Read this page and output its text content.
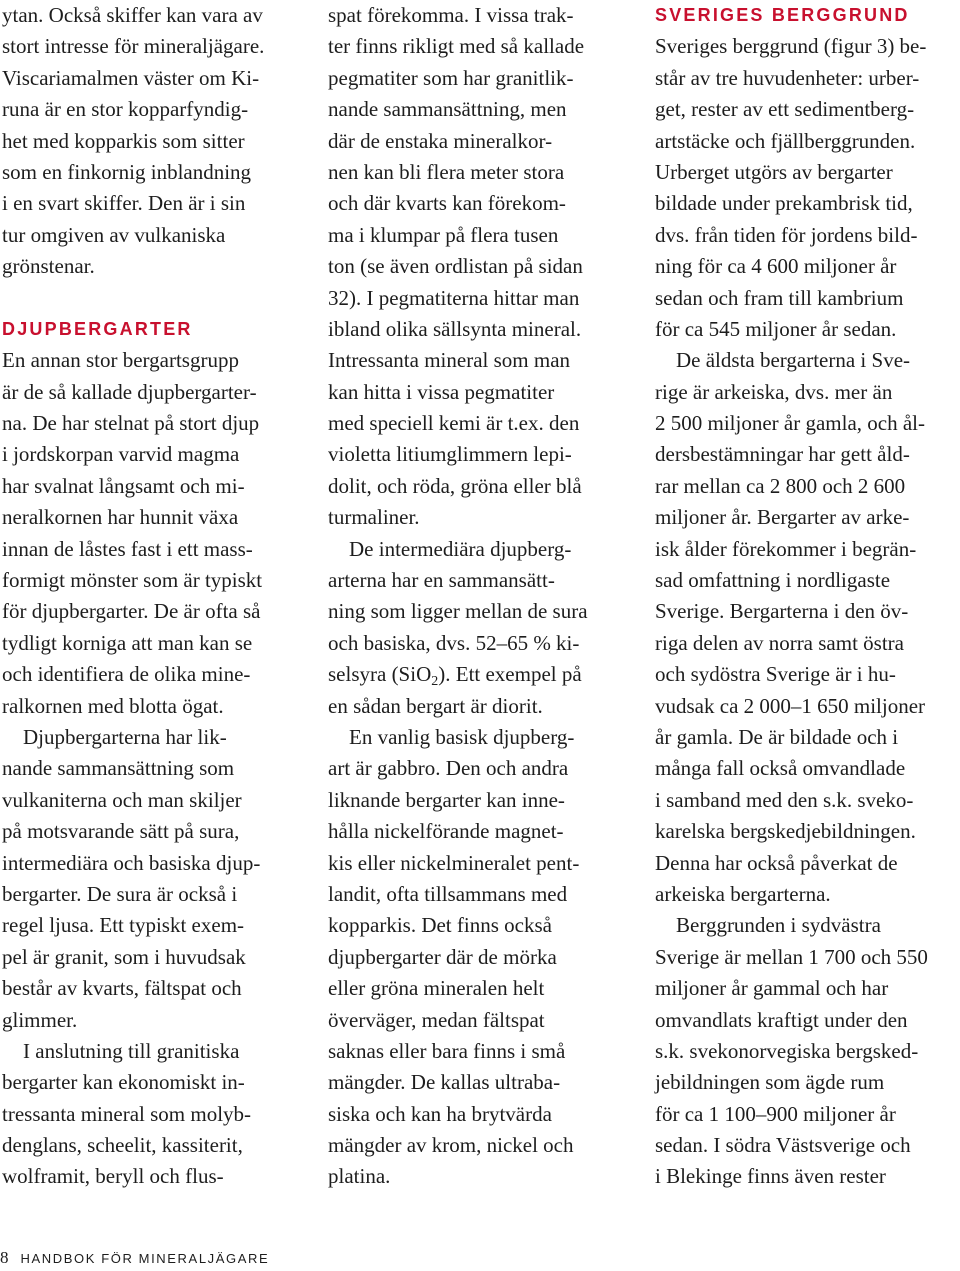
ytan. Också skiffer kan vara av
stort intresse för mineraljägare.
Viscariamalmen väster om Ki-
runa är en stor kopparfyndig-
het med kopparkis som sitter
som en finkornig inblandning
i en svart skiffer. Den är i sin
tur omgiven av vulkaniska
grönstenar.
DJUPBERGARTER
En annan stor bergartsgrupp
är de så kallade djupbergarter-
na. De har stelnat på stort djup
i jordskorpan varvid magma
har svalnat långsamt och mi-
neralkornen har hunnit växa
innan de låstes fast i ett mass-
formigt mönster som är typiskt
för djupbergarter. De är ofta så
tydligt korniga att man kan se
och identifiera de olika mine-
ralkornen med blotta ögat.
Djupbergarterna har lik-
nande sammansättning som
vulkaniterna och man skiljer
på motsvarande sätt på sura,
intermediära och basiska djup-
bergarter. De sura är också i
regel ljusa. Ett typiskt exem-
pel är granit, som i huvudsak
består av kvarts, fältspat och
glimmer.
I anslutning till granitiska
bergarter kan ekonomiskt in-
tressanta mineral som molyb-
denglans, scheelit, kassiterit,
wolframit, beryll och flus-
spat förekomma. I vissa trak-
ter finns rikligt med så kallade
pegmatiter som har granitlik-
nande sammansättning, men
där de enstaka mineralkor-
nen kan bli flera meter stora
och där kvarts kan förekom-
ma i klumpar på flera tusen
ton (se även ordlistan på sidan
32). I pegmatiterna hittar man
ibland olika sällsynta mineral.
Intressanta mineral som man
kan hitta i vissa pegmatiter
med speciell kemi är t.ex. den
violetta litiumglimmern lepi-
dolit, och röda, gröna eller blå
turmaliner.
De intermediära djupberg-
arterna har en sammansätt-
ning som ligger mellan de sura
och basiska, dvs. 52–65 % ki-
selsyra (SiO$_2$). Ett exempel på
en sådan bergart är diorit.
En vanlig basisk djupberg-
art är gabbro. Den och andra
liknande bergarter kan inne-
hålla nickelförande magnet-
kis eller nickelmineralet pent-
landit, ofta tillsammans med
kopparkis. Det finns också
djupbergarter där de mörka
eller gröna mineralen helt
överväger, medan fältspat
saknas eller bara finns i små
mängder. De kallas ultraba-
siska och kan ha brytvärda
mängder av krom, nickel och
platina.
SVERIGES BERGGRUND
Sveriges berggrund (figur 3) be-
står av tre huvudenheter: urber-
get, rester av ett sedimentberg-
artstäcke och fjällberggrunden.
Urberget utgörs av bergarter
bildade under prekambrisk tid,
dvs. från tiden för jordens bild-
ning för ca 4 600 miljoner år
sedan och fram till kambrium
för ca 545 miljoner år sedan.
De äldsta bergarterna i Sve-
rige är arkeiska, dvs. mer än
2 500 miljoner år gamla, och ål-
dersbestämningar har gett åld-
rar mellan ca 2 800 och 2 600
miljoner år. Bergarter av arke-
isk ålder förekommer i begrän-
sad omfattning i nordligaste
Sverige. Bergarterna i den öv-
riga delen av norra samt östra
och sydöstra Sverige är i hu-
vudsak ca 2 000–1 650 miljoner
år gamla. De är bildade och i
många fall också omvandlade
i samband med den s.k. sveko-
karelska bergskedjebildningen.
Denna har också påverkat de
arkeiska bergarterna.
Berggrunden i sydvästra
Sverige är mellan 1 700 och 550
miljoner år gammal och har
omvandlats kraftigt under den
s.k. svekonorvegiska bergsked-
jebildningen som ägde rum
för ca 1 100–900 miljoner år
sedan. I södra Västsverige och
i Blekinge finns även rester
8 HANDBOK FÖR MINERALJÄGARE
